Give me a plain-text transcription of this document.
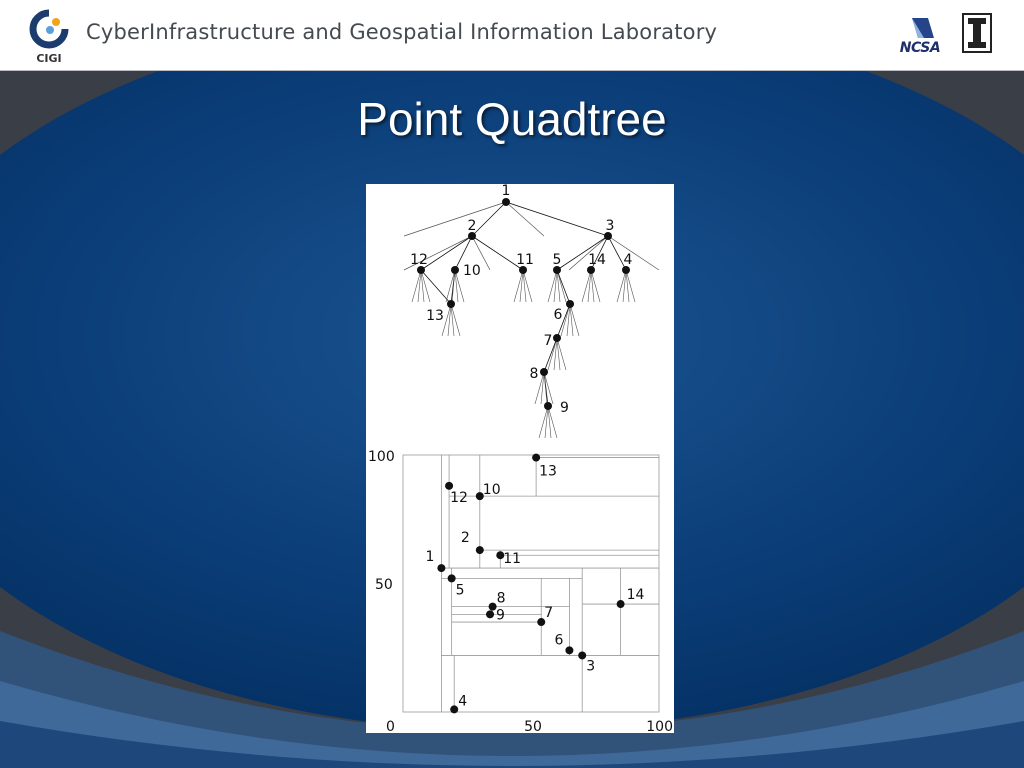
CIGI
CyberInfrastructure and Geospatial Information Laboratory
NCSA
Point Quadtree
1
2	3
4
5
6
7
8
9
10
11
12
13
14
1
2
3
4
5
6
7
8
9
10
11
12
13
14
100
50
0	50	100
